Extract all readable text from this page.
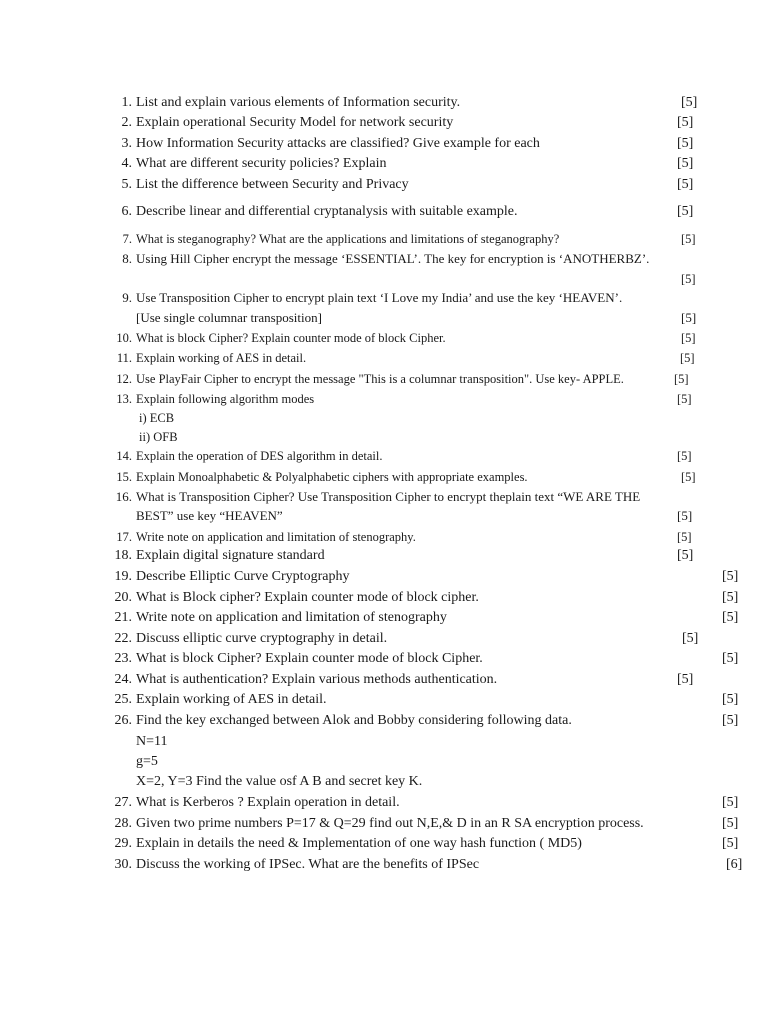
1. List and explain various elements of Information security.	[5]
2. Explain operational Security Model for network security	[5]
3. How Information Security attacks are classified? Give example for each	[5]
4. What are different security policies? Explain	[5]
5. List the difference between Security and Privacy	[5]
6. Describe linear and differential cryptanalysis with suitable example.	[5]
7. What is steganography? What are the applications and limitations of steganography?	[5]
8. Using Hill Cipher encrypt the message ‘ESSENTIAL’. The key for encryption is ‘ANOTHERBZ’.
[5]
9. Use Transposition Cipher to encrypt plain text ‘I Love my India’ and use the key ‘HEAVEN’.
[Use single columnar transposition]	[5]
10. What is block Cipher? Explain counter mode of block Cipher.	[5]
11. Explain working of AES in detail.	[5]
12. Use PlayFair Cipher to encrypt the message "This is a columnar transposition". Use key- APPLE.	[5]
13. Explain following algorithm modes	[5]
i) ECB
ii) OFB
14. Explain the operation of DES algorithm in detail.	[5]
15. Explain Monoalphabetic & Polyalphabetic ciphers with appropriate examples.	[5]
16. What is Transposition Cipher? Use Transposition Cipher to encrypt theplain text “WE ARE THE
BEST” use key “HEAVEN”	[5]
17. Write note on application and limitation of stenography.	[5]
18. Explain digital signature standard	[5]
19. Describe Elliptic Curve Cryptography	[5]
20. What is Block cipher? Explain counter mode of block cipher.	[5]
21. Write note on application and limitation of stenography	[5]
22. Discuss elliptic curve cryptography in detail.	[5]
23. What is block Cipher? Explain counter mode of block Cipher.	[5]
24. What is authentication? Explain various methods authentication.	[5]
25. Explain working of AES in detail.	[5]
26. Find the key exchanged between Alok and Bobby considering following data.	[5]
N=11
g=5
X=2, Y=3 Find the value osf A B and secret key K.
27. What is Kerberos ? Explain operation in detail.	[5]
28. Given two prime numbers P=17 & Q=29 find out N,E,& D in an R SA encryption process.	[5]
29. Explain in details the need & Implementation of one way hash function ( MD5)	[5]
30. Discuss the working of IPSec. What are the benefits of IPSec	[6]
